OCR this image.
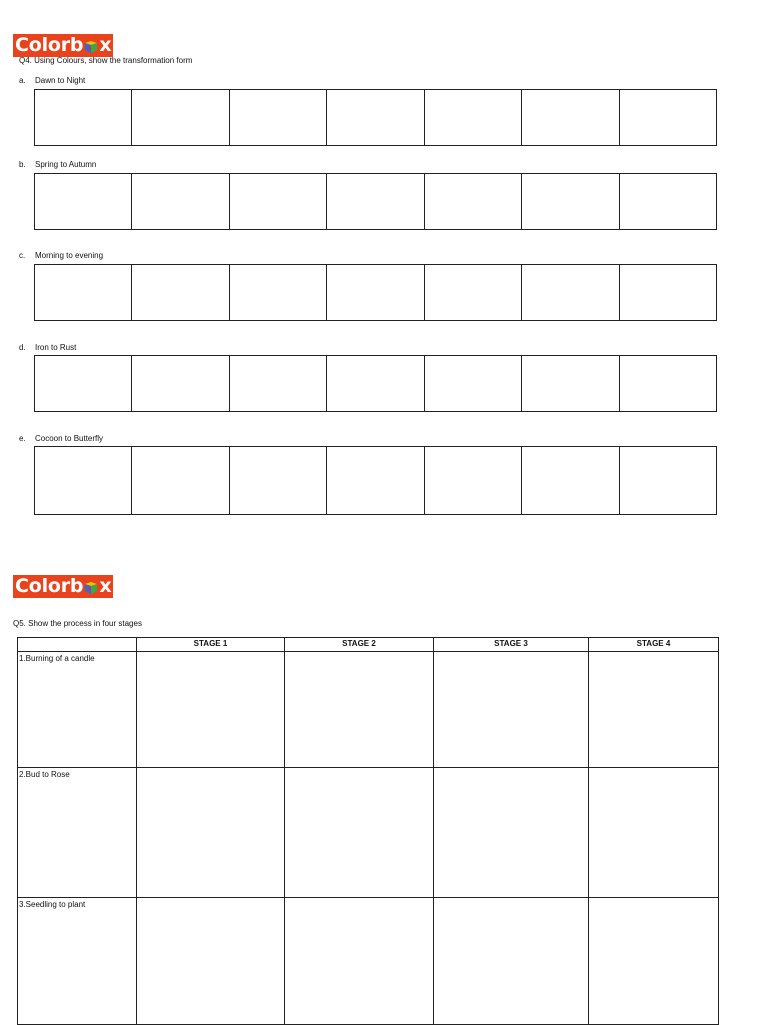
Colorb x
Q4. Using Colours, show the transformation form
a. Dawn to Night
b. Spring to Autumn
c. Morning to evening
d. Iron to Rust
e. Cocoon to Butterfly
Colorb x
Q5. Show the process in four stages
	STAGE 1	STAGE 2	STAGE 3	STAGE 4
1.Burning of a candle				
2.Bud to Rose				
3.Seedling to plant				
